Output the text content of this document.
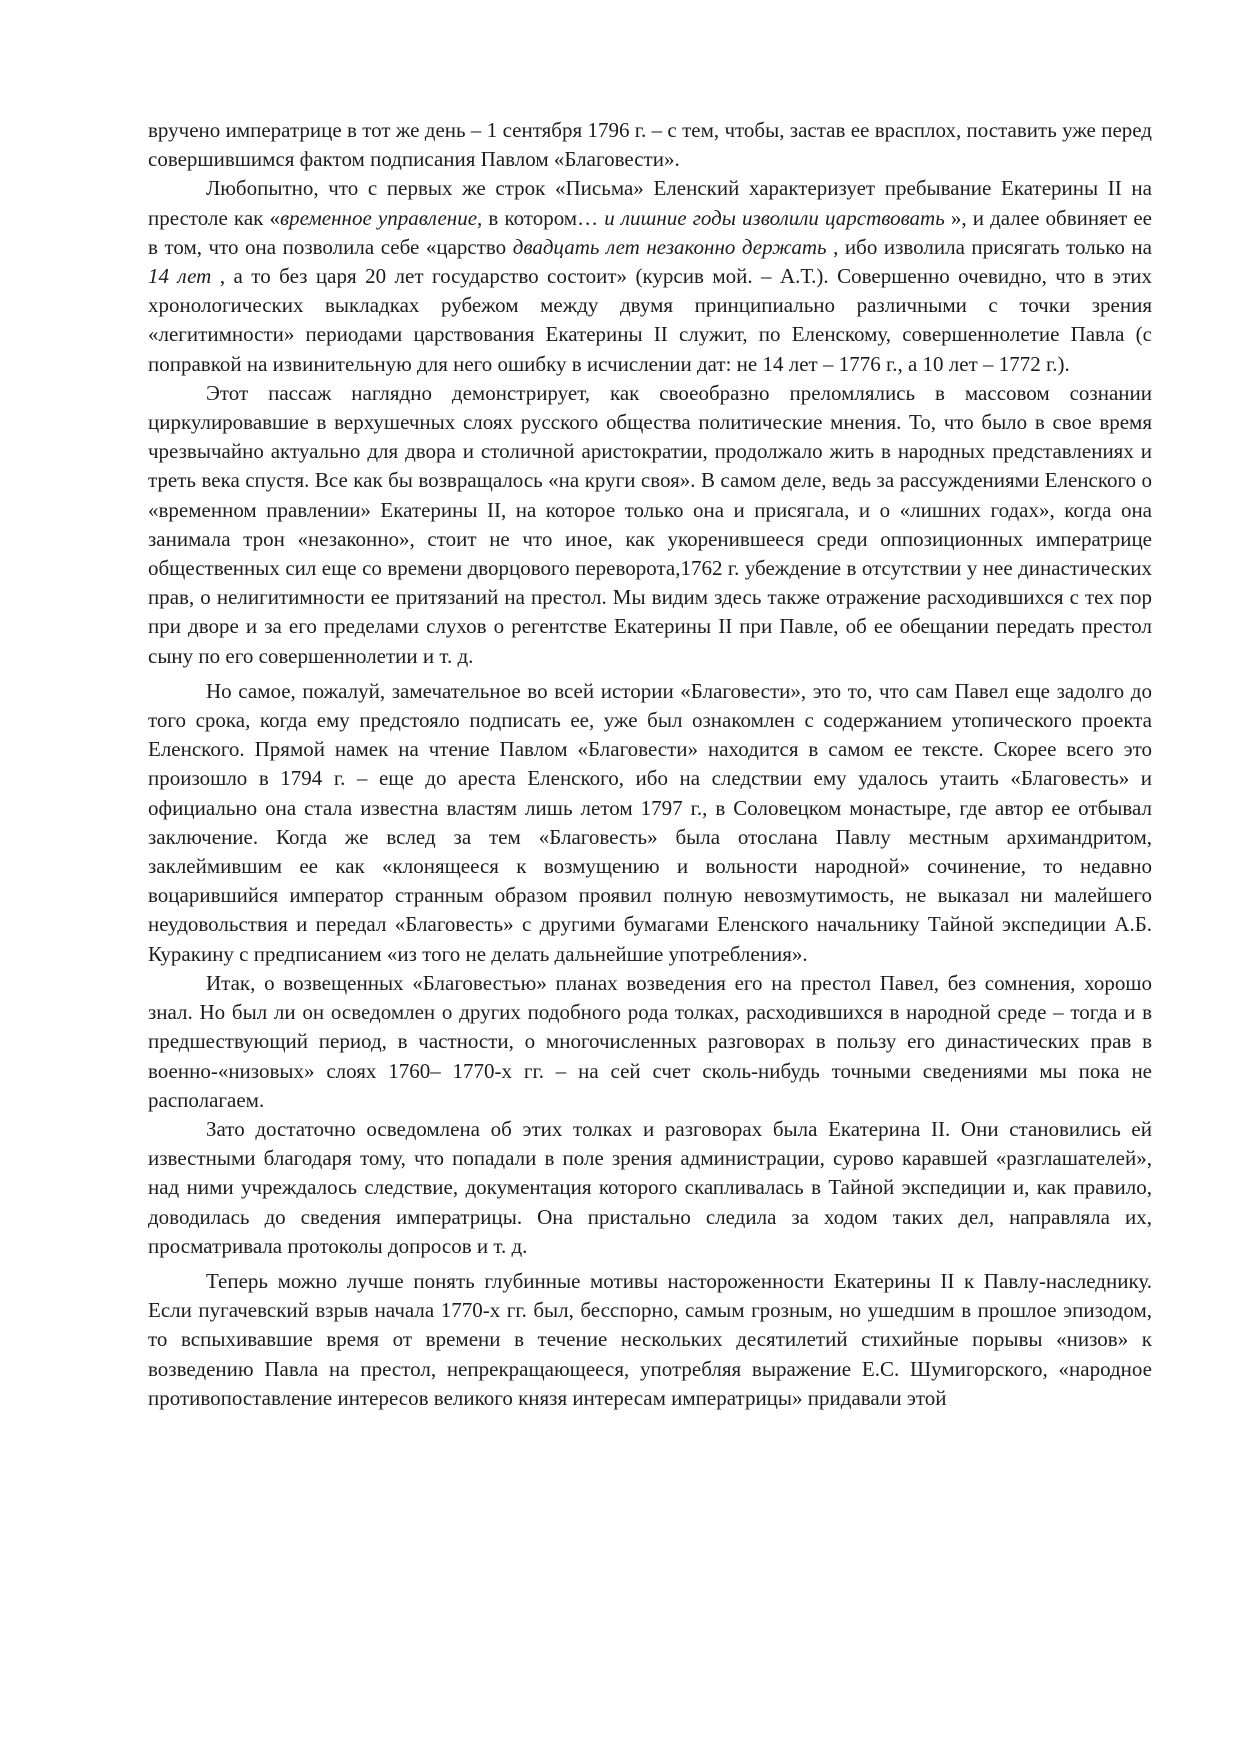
вручено императрице в тот же день – 1 сентября 1796 г. – с тем, чтобы, застав ее врасплох, поставить уже перед совершившимся фактом подписания Павлом «Благовести».

Любопытно, что с первых же строк «Письма» Еленский характеризует пребывание Екатерины II на престоле как «временное управление, в котором… и лишние годы изволили царствовать », и далее обвиняет ее в том, что она позволила себе «царство двадцать лет незаконно держать , ибо изволила присягать только на 14 лет , а то без царя 20 лет государство состоит» (курсив мой. – А.Т.). Совершенно очевидно, что в этих хронологических выкладках рубежом между двумя принципиально различными с точки зрения «легитимности» периодами царствования Екатерины II служит, по Еленскому, совершеннолетие Павла (с поправкой на извинительную для него ошибку в исчислении дат: не 14 лет – 1776 г., а 10 лет – 1772 г.).

Этот пассаж наглядно демонстрирует, как своеобразно преломлялись в массовом сознании циркулировавшие в верхушечных слоях русского общества политические мнения. То, что было в свое время чрезвычайно актуально для двора и столичной аристократии, продолжало жить в народных представлениях и треть века спустя. Все как бы возвращалось «на круги своя». В самом деле, ведь за рассуждениями Еленского о «временном правлении» Екатерины II, на которое только она и присягала, и о «лишних годах», когда она занимала трон «незаконно», стоит не что иное, как укоренившееся среди оппозиционных императрице общественных сил еще со времени дворцового переворота,1762 г. убеждение в отсутствии у нее династических прав, о нелигитимности ее притязаний на престол. Мы видим здесь также отражение расходившихся с тех пор при дворе и за его пределами слухов о регентстве Екатерины II при Павле, об ее обещании передать престол сыну по его совершеннолетии и т. д.

Но самое, пожалуй, замечательное во всей истории «Благовести», это то, что сам Павел еще задолго до того срока, когда ему предстояло подписать ее, уже был ознакомлен с содержанием утопического проекта Еленского. Прямой намек на чтение Павлом «Благовести» находится в самом ее тексте. Скорее всего это произошло в 1794 г. – еще до ареста Еленского, ибо на следствии ему удалось утаить «Благовесть» и официально она стала известна властям лишь летом 1797 г., в Соловецком монастыре, где автор ее отбывал заключение. Когда же вслед за тем «Благовесть» была отослана Павлу местным архимандритом, заклеймившим ее как «клонящееся к возмущению и вольности народной» сочинение, то недавно воцарившийся император странным образом проявил полную невозмутимость, не выказал ни малейшего неудовольствия и передал «Благовесть» с другими бумагами Еленского начальнику Тайной экспедиции А.Б. Куракину с предписанием «из того не делать дальнейшие употребления».

Итак, о возвещенных «Благовестью» планах возведения его на престол Павел, без сомнения, хорошо знал. Но был ли он осведомлен о других подобного рода толках, расходившихся в народной среде – тогда и в предшествующий период, в частности, о многочисленных разговорах в пользу его династических прав в военно-«низовых» слоях 1760– 1770-х гг. – на сей счет сколь-нибудь точными сведениями мы пока не располагаем.

Зато достаточно осведомлена об этих толках и разговорах была Екатерина II. Они становились ей известными благодаря тому, что попадали в поле зрения администрации, сурово каравшей «разглашателей», над ними учреждалось следствие, документация которого скапливалась в Тайной экспедиции и, как правило, доводилась до сведения императрицы. Она пристально следила за ходом таких дел, направляла их, просматривала протоколы допросов и т. д.

Теперь можно лучше понять глубинные мотивы настороженности Екатерины II к Павлу-наследнику. Если пугачевский взрыв начала 1770-х гг. был, бесспорно, самым грозным, но ушедшим в прошлое эпизодом, то вспыхивавшие время от времени в течение нескольких десятилетий стихийные порывы «низов» к возведению Павла на престол, непрекращающееся, употребляя выражение Е.С. Шумигорского, «народное противопоставление интересов великого князя интересам императрицы» придавали этой
